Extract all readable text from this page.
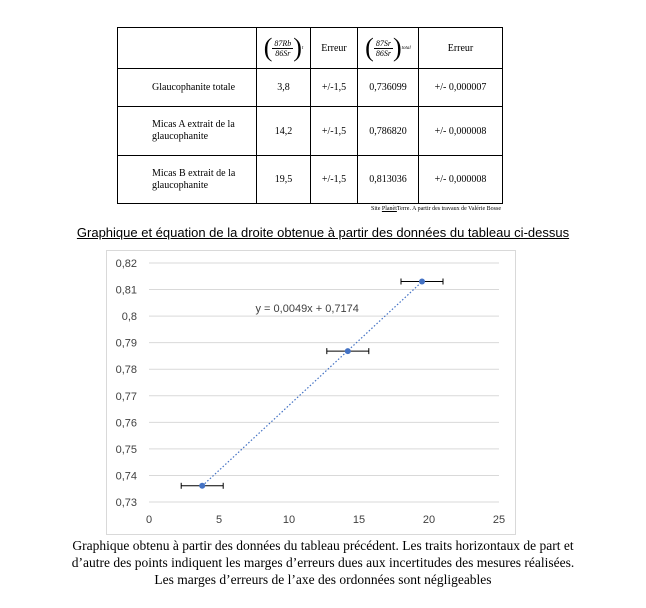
	( $\frac{87Rb}{86Sr}$ ) t	Erreur	( $\frac{87Sr}{86Sr}$ ) total	Erreur
Glaucophanite totale	3,8	+/-1,5	0,736099	+/- 0,000007
Micas A extrait de la glaucophanite	14,2	+/-1,5	0,786820	+/- 0,000008
Micas B extrait de la glaucophanite	19,5	+/-1,5	0,813036	+/- 0,000008
Site PlanètTerre. A partir des travaux de Valérie Bosse
Graphique et équation de la droite obtenue à partir des données du tableau ci-dessus
0,73
0,74
0,75
0,76
0,77
0,78
0,79
0,8
0,81
0,82
0	5	10	15	20	25
y = 0,0049x + 0,7174
Graphique obtenu à partir des données du tableau précédent. Les traits horizontaux de part et
d’autre des points indiquent les marges d’erreurs dues aux incertitudes des mesures réalisées.
Les marges d’erreurs de l’axe des ordonnées sont négligeables
